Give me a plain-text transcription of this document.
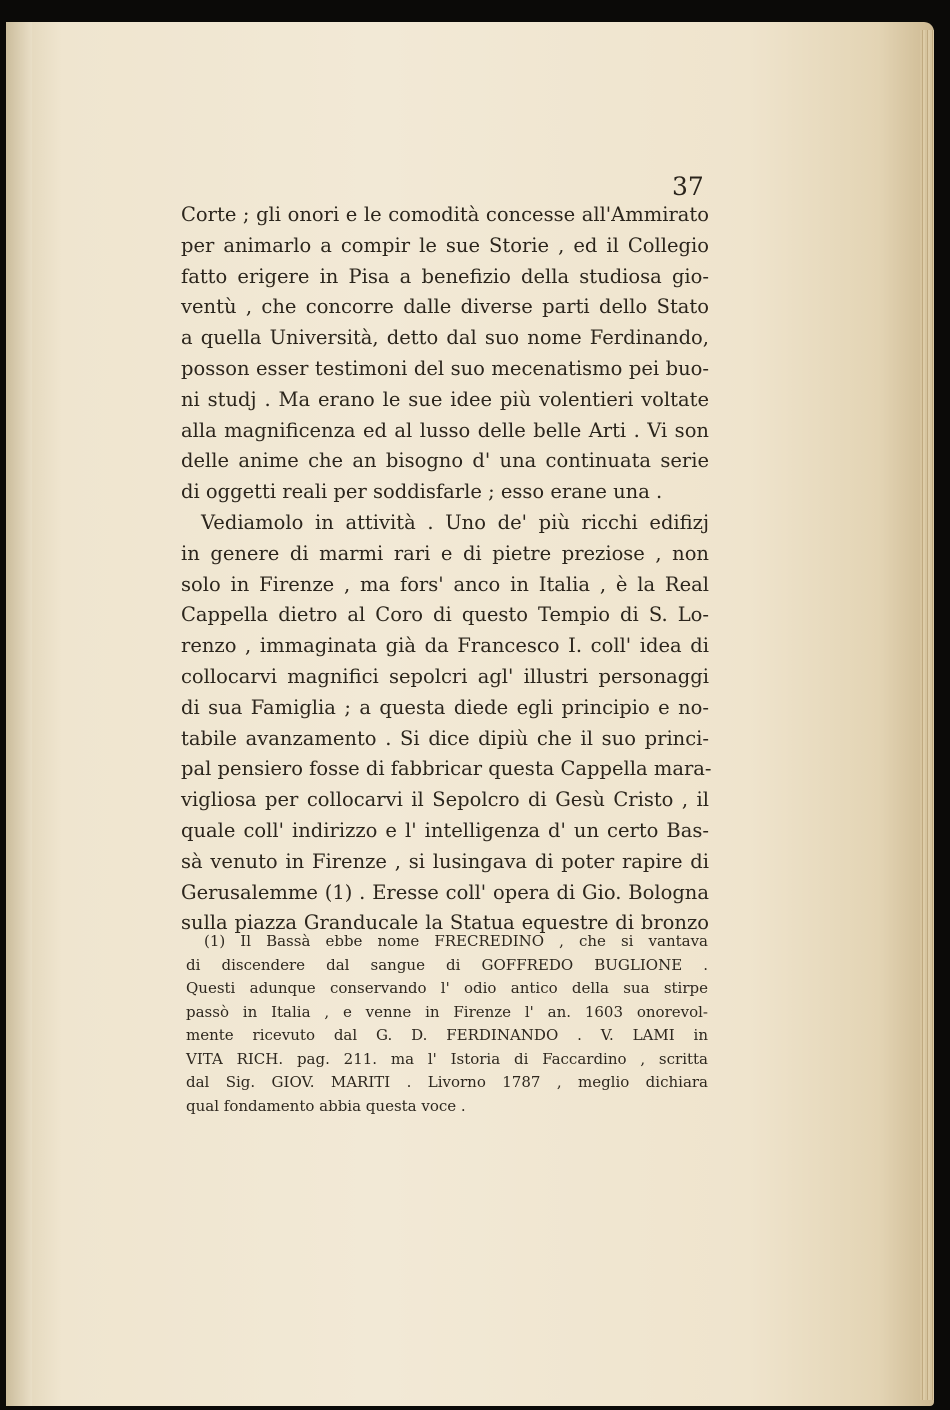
37
Corte ; gli onori e le comodità concesse all'Ammirato
per animarlo a compir le sue Storie , ed il Collegio
fatto erigere in Pisa a benefizio della studiosa gio-
ventù , che concorre dalle diverse parti dello Stato
a quella Università, detto dal suo nome Ferdinando,
posson esser testimoni del suo mecenatismo pei buo-
ni studj . Ma erano le sue idee più volentieri voltate
alla magnificenza ed al lusso delle belle Arti . Vi son
delle anime che an bisogno d' una continuata serie
di oggetti reali per soddisfarle ; esso erane una .
Vediamolo in attività . Uno de' più ricchi edifizj
in genere di marmi rari e di pietre preziose , non
solo in Firenze , ma fors' anco in Italia , è la Real
Cappella dietro al Coro di questo Tempio di S. Lo-
renzo , immaginata già da Francesco I. coll' idea di
collocarvi magnifici sepolcri agl' illustri personaggi
di sua Famiglia ; a questa diede egli principio e no-
tabile avanzamento . Si dice dipiù che il suo princi-
pal pensiero fosse di fabbricar questa Cappella mara-
vigliosa per collocarvi il Sepolcro di Gesù Cristo , il
quale coll' indirizzo e l' intelligenza d' un certo Bas-
sà venuto in Firenze , si lusingava di poter rapire di
Gerusalemme (1) . Eresse coll' opera di Gio. Bologna
sulla piazza Granducale la Statua equestre di bronzo
(1) Il Bassà ebbe nome FRECREDINO , che si vantava
di discendere dal sangue di GOFFREDO BUGLIONE .
Questi adunque conservando l' odio antico della sua stirpe
passò in Italia , e venne in Firenze l' an. 1603 onorevol-
mente ricevuto dal G. D. FERDINANDO . V. LAMI in
VITA RICH. pag. 211. ma l' Istoria di Faccardino , scritta
dal Sig. GIOV. MARITI . Livorno 1787 , meglio dichiara
qual fondamento abbia questa voce .
